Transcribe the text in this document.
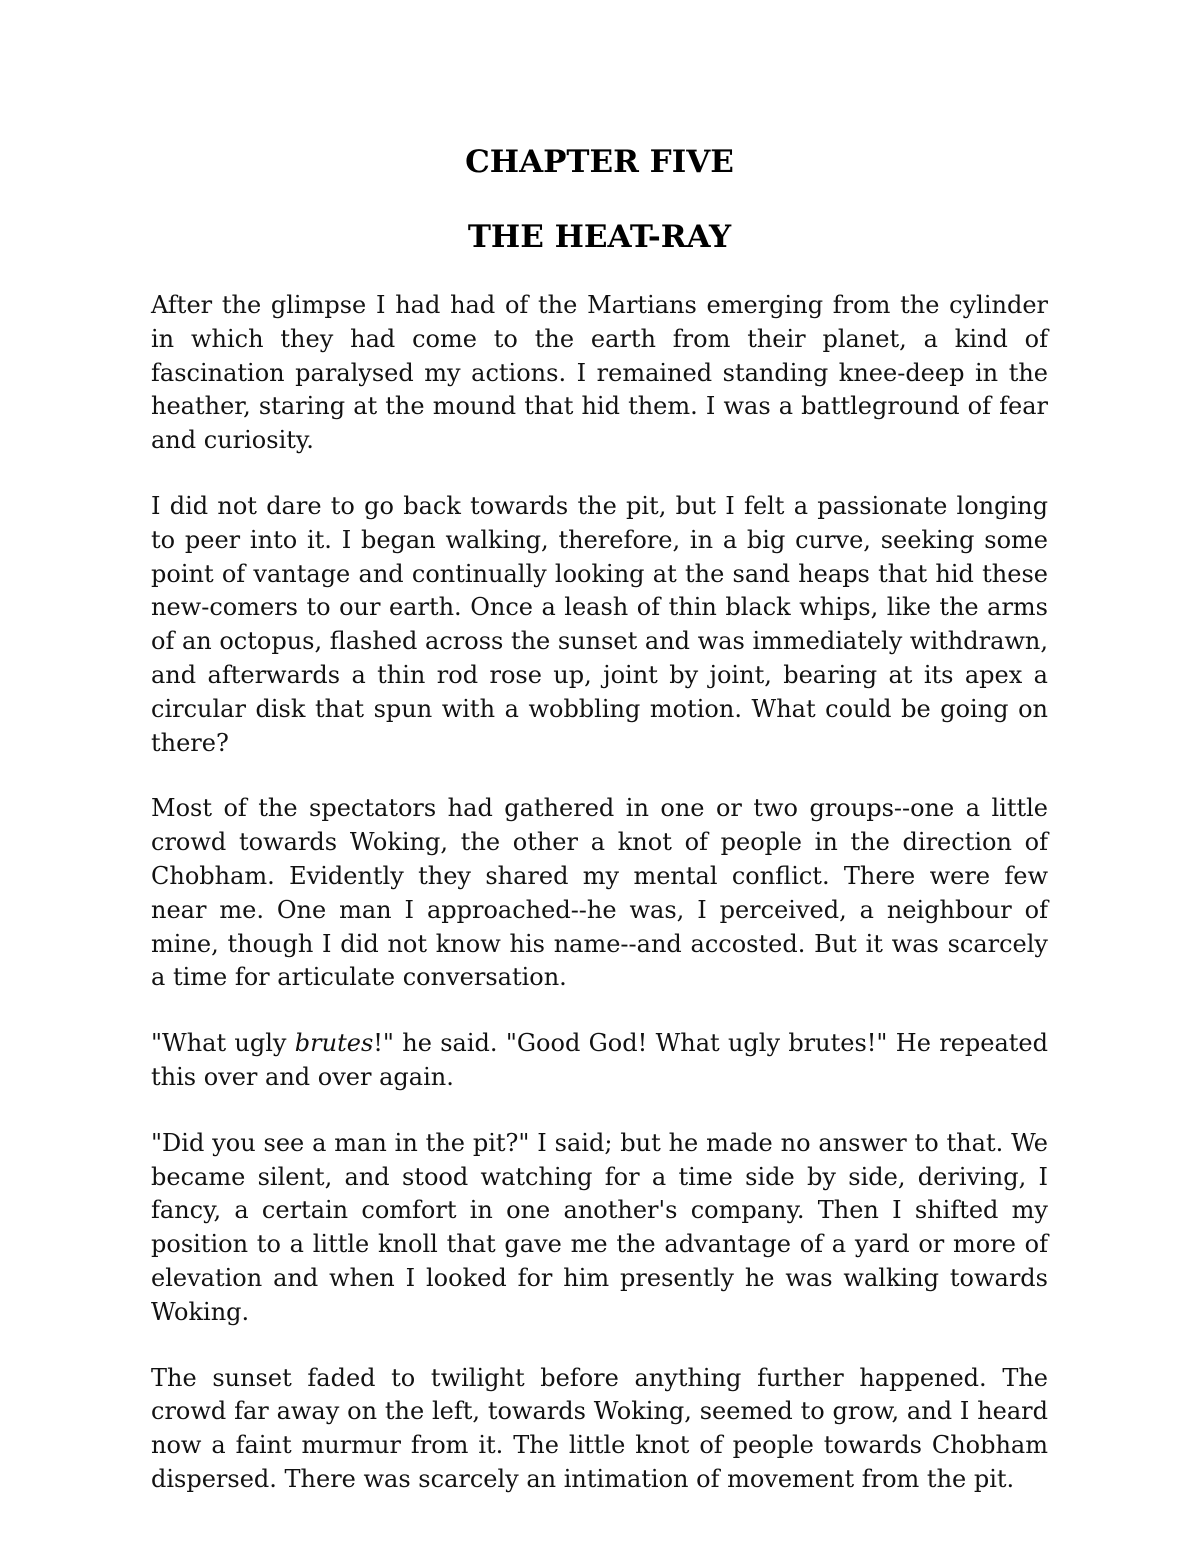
CHAPTER FIVE
THE HEAT-RAY

After the glimpse I had had of the Martians emerging from the cylinder in which they had come to the earth from their planet, a kind of fascination paralysed my actions. I remained standing knee-deep in the heather, staring at the mound that hid them. I was a battleground of fear and curiosity.

I did not dare to go back towards the pit, but I felt a passionate longing to peer into it. I began walking, therefore, in a big curve, seeking some point of vantage and continually looking at the sand heaps that hid these new-comers to our earth. Once a leash of thin black whips, like the arms of an octopus, flashed across the sunset and was immediately withdrawn, and afterwards a thin rod rose up, joint by joint, bearing at its apex a circular disk that spun with a wobbling motion. What could be going on there?

Most of the spectators had gathered in one or two groups--one a little crowd towards Woking, the other a knot of people in the direction of Chobham. Evidently they shared my mental conflict. There were few near me. One man I approached--he was, I perceived, a neighbour of mine, though I did not know his name--and accosted. But it was scarcely a time for articulate conversation.

"What ugly brutes!" he said. "Good God! What ugly brutes!" He repeated this over and over again.

"Did you see a man in the pit?" I said; but he made no answer to that. We became silent, and stood watching for a time side by side, deriving, I fancy, a certain comfort in one another's company. Then I shifted my position to a little knoll that gave me the advantage of a yard or more of elevation and when I looked for him presently he was walking towards Woking.

The sunset faded to twilight before anything further happened. The crowd far away on the left, towards Woking, seemed to grow, and I heard now a faint murmur from it. The little knot of people towards Chobham dispersed. There was scarcely an intimation of movement from the pit.
